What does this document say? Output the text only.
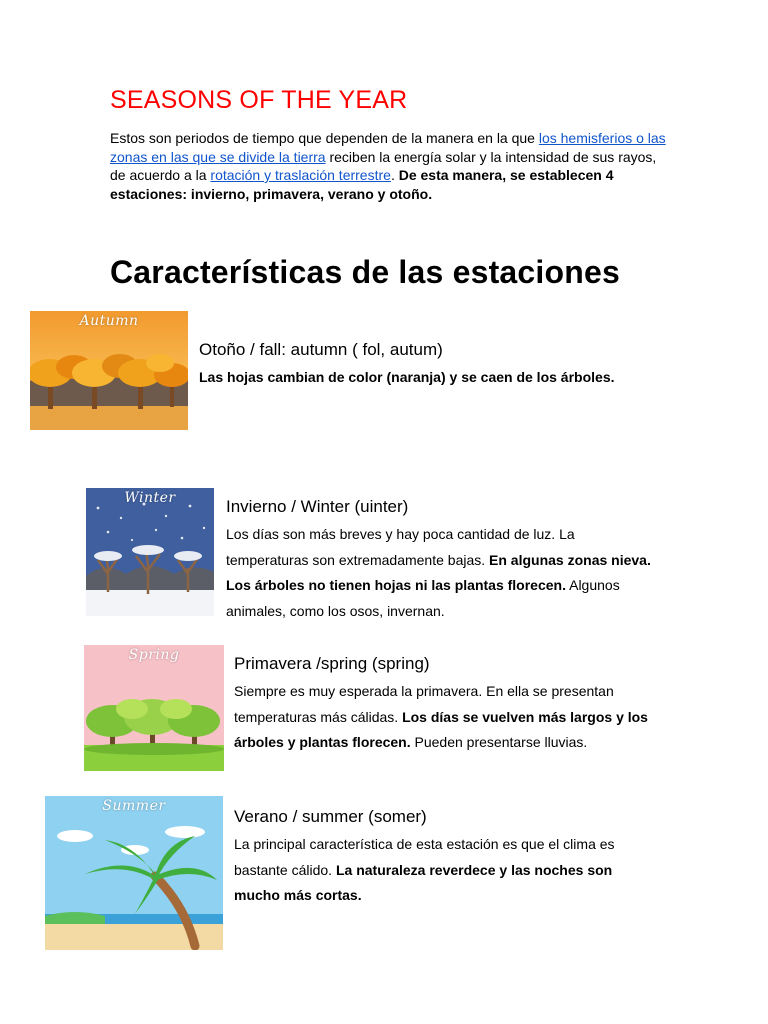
SEASONS OF THE YEAR
Estos son periodos de tiempo que dependen de la manera en la que los hemisferios o las zonas en las que se divide la tierra reciben la energía solar y la intensidad de sus rayos, de acuerdo a la rotación y traslación terrestre. De esta manera, se establecen 4 estaciones: invierno, primavera, verano y otoño.
Características de las estaciones
Autumn
Otoño / fall: autumn ( fol, autum)
Las hojas cambian de color (naranja) y se caen de los árboles.
Winter	Invierno / Winter (uinter)
Los días son más breves y hay poca cantidad de luz. La temperaturas son extremadamente bajas. En algunas zonas nieva. Los árboles no tienen hojas ni las plantas florecen. Algunos animales, como los osos, invernan.
Spring	Primavera /spring (spring)
Siempre es muy esperada la primavera. En ella se presentan temperaturas más cálidas. Los días se vuelven más largos y los árboles y plantas florecen. Pueden presentarse lluvias.
Summer
Verano / summer (somer)
La principal característica de esta estación es que el clima es bastante cálido. La naturaleza reverdece y las noches son mucho más cortas.
